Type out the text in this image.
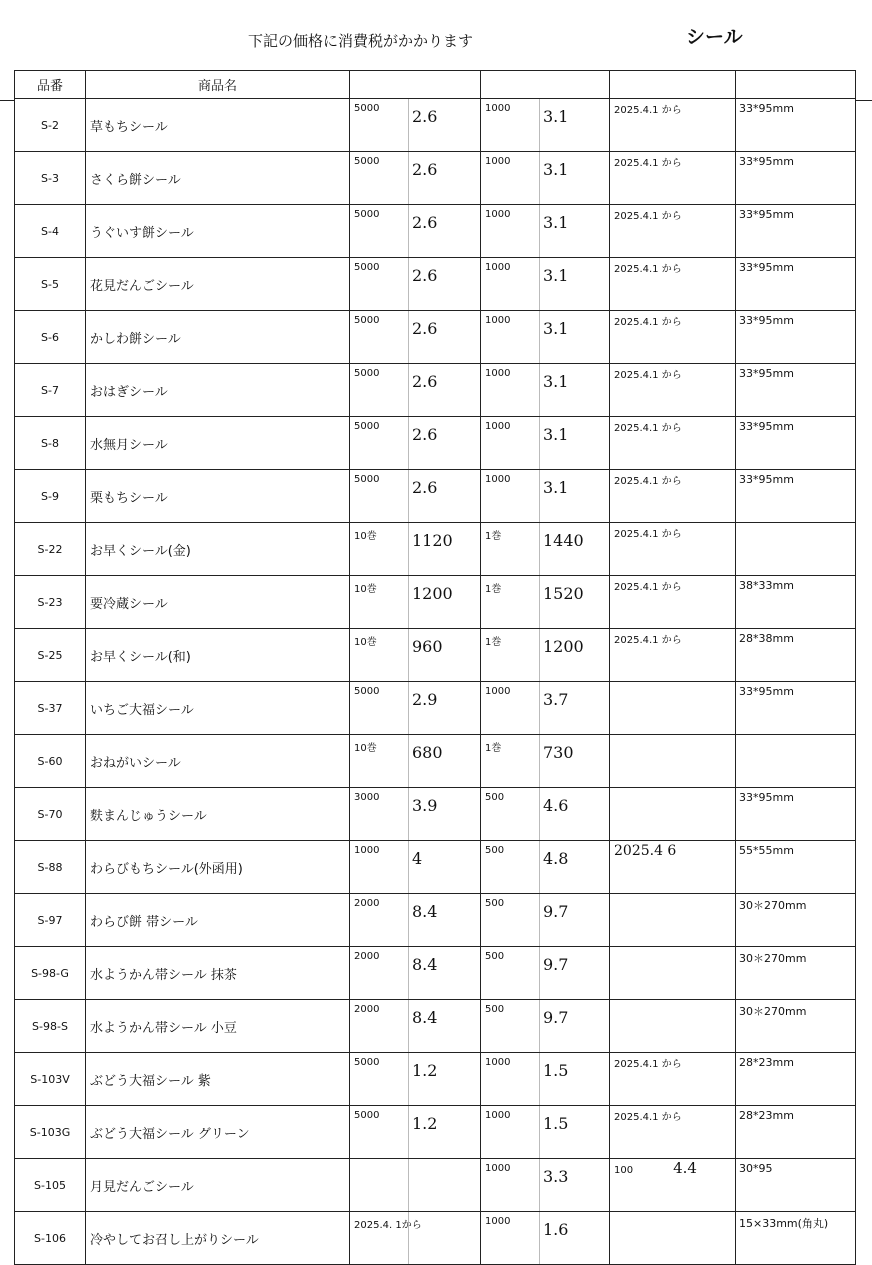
下記の価格に消費税がかかります	シール
品番	商品名						
S-2	草もちシール	5000	2.6	1000	3.1	2025.4.1 から	33*95mm
S-3	さくら餅シール	5000	2.6	1000	3.1	2025.4.1 から	33*95mm
S-4	うぐいす餅シール	5000	2.6	1000	3.1	2025.4.1 から	33*95mm
S-5	花見だんごシール	5000	2.6	1000	3.1	2025.4.1 から	33*95mm
S-6	かしわ餅シール	5000	2.6	1000	3.1	2025.4.1 から	33*95mm
S-7	おはぎシール	5000	2.6	1000	3.1	2025.4.1 から	33*95mm
S-8	水無月シール	5000	2.6	1000	3.1	2025.4.1 から	33*95mm
S-9	栗もちシール	5000	2.6	1000	3.1	2025.4.1 から	33*95mm
S-22	お早くシール(金)	10巻	1120	1巻	1440	2025.4.1 から	
S-23	要冷蔵シール	10巻	1200	1巻	1520	2025.4.1 から	38*33mm
S-25	お早くシール(和)	10巻	960	1巻	1200	2025.4.1 から	28*38mm
S-37	いちご大福シール	5000	2.9	1000	3.7		33*95mm
S-60	おねがいシール	10巻	680	1巻	730		
S-70	麩まんじゅうシール	3000	3.9	500	4.6		33*95mm
S-88	わらびもちシール(外函用)	1000	4	500	4.8	2025.4 6	55*55mm
S-97	わらび餅 帯シール	2000	8.4	500	9.7		30＊270mm
S-98-G	水ようかん帯シール 抹茶	2000	8.4	500	9.7		30＊270mm
S-98-S	水ようかん帯シール 小豆	2000	8.4	500	9.7		30＊270mm
S-103V	ぶどう大福シール 紫	5000	1.2	1000	1.5	2025.4.1 から	28*23mm
S-103G	ぶどう大福シール グリーン	5000	1.2	1000	1.5	2025.4.1 から	28*23mm
S-105	月見だんごシール			1000	3.3	100 4.4	30*95
S-106	冷やしてお召し上がりシール	2025.4. 1から		1000	1.6		15×33mm(角丸)
